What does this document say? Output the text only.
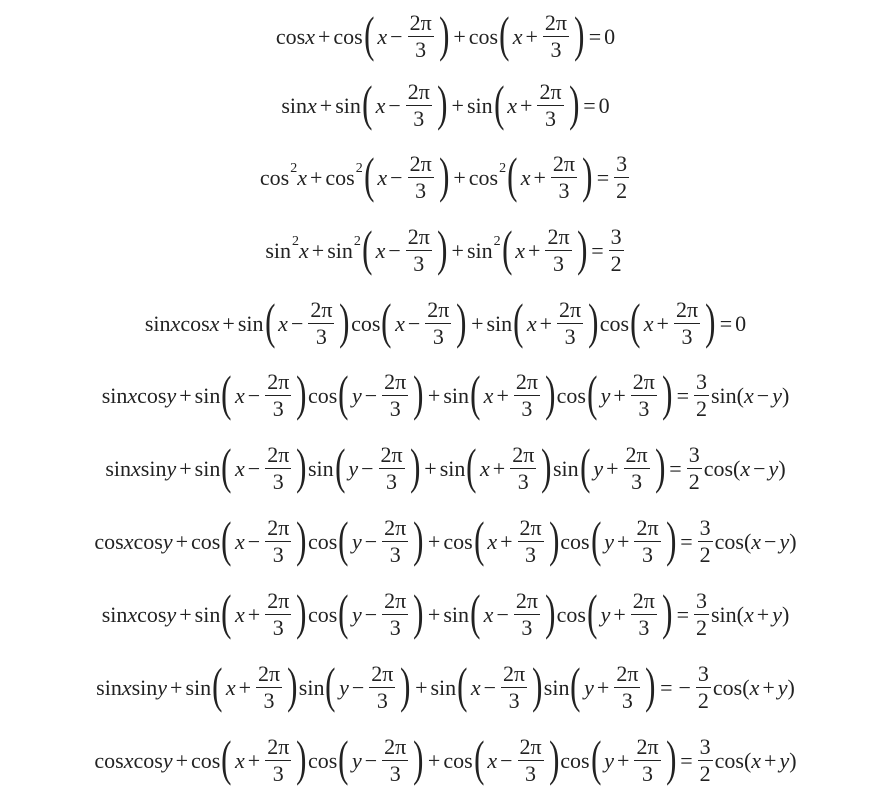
cos x + cos ( $x - \frac{2\pi}{3}$ ) + cos ( $x + \frac{2\pi}{3}$ ) = 0
sin x + sin ( $x - \frac{2\pi}{3}$ ) + sin ( $x + \frac{2\pi}{3}$ ) = 0
cos 2 x + cos 2 ( $x - \frac{2\pi}{3}$ ) + cos 2 ( $x + \frac{2\pi}{3}$ ) = $\frac{3}{2}$
sin 2 x + sin 2 ( $x - \frac{2\pi}{3}$ ) + sin 2 ( $x + \frac{2\pi}{3}$ ) = $\frac{3}{2}$
sin x cos x + sin ( $x - \frac{2\pi}{3}$ ) cos ( $x - \frac{2\pi}{3}$ ) + sin ( $x + \frac{2\pi}{3}$ ) cos ( $x + \frac{2\pi}{3}$ ) = 0
sin x cos y + sin ( $x - \frac{2\pi}{3}$ ) cos ( $y - \frac{2\pi}{3}$ ) + sin ( $x + \frac{2\pi}{3}$ ) cos ( $y + \frac{2\pi}{3}$ ) = $\frac{3}{2}$ sin ( x − y )
sin x sin y + sin ( $x - \frac{2\pi}{3}$ ) sin ( $y - \frac{2\pi}{3}$ ) + sin ( $x + \frac{2\pi}{3}$ ) sin ( $y + \frac{2\pi}{3}$ ) = $\frac{3}{2}$ cos ( x − y )
cos x cos y + cos ( $x - \frac{2\pi}{3}$ ) cos ( $y - \frac{2\pi}{3}$ ) + cos ( $x + \frac{2\pi}{3}$ ) cos ( $y + \frac{2\pi}{3}$ ) = $\frac{3}{2}$ cos ( x − y )
sin x cos y + sin ( $x + \frac{2\pi}{3}$ ) cos ( $y - \frac{2\pi}{3}$ ) + sin ( $x - \frac{2\pi}{3}$ ) cos ( $y + \frac{2\pi}{3}$ ) = $\frac{3}{2}$ sin ( x + y )
sin x sin y + sin ( $x + \frac{2\pi}{3}$ ) sin ( $y - \frac{2\pi}{3}$ ) + sin ( $x - \frac{2\pi}{3}$ ) sin ( $y + \frac{2\pi}{3}$ ) = − $\frac{3}{2}$ cos ( x + y )
cos x cos y + cos ( $x + \frac{2\pi}{3}$ ) cos ( $y - \frac{2\pi}{3}$ ) + cos ( $x - \frac{2\pi}{3}$ ) cos ( $y + \frac{2\pi}{3}$ ) = $\frac{3}{2}$ cos ( x + y )
